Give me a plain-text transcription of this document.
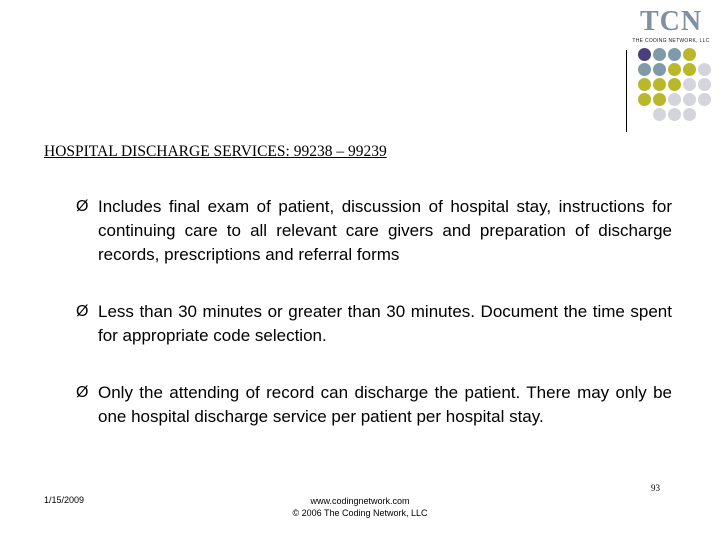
TCN
THE CODING NETWORK, LLC
HOSPITAL DISCHARGE SERVICES: 99238 – 99239
Ø Includes final exam of patient, discussion of hospital stay, instructions for continuing care to all relevant care givers and preparation of discharge records, prescriptions and referral forms
Ø Less than 30 minutes or greater than 30 minutes. Document the time spent for appropriate code selection.
Ø Only the attending of record can discharge the patient. There may only be one hospital discharge service per patient per hospital stay.
93
1/15/2009	www.codingnetwork.com
© 2006 The Coding Network, LLC
